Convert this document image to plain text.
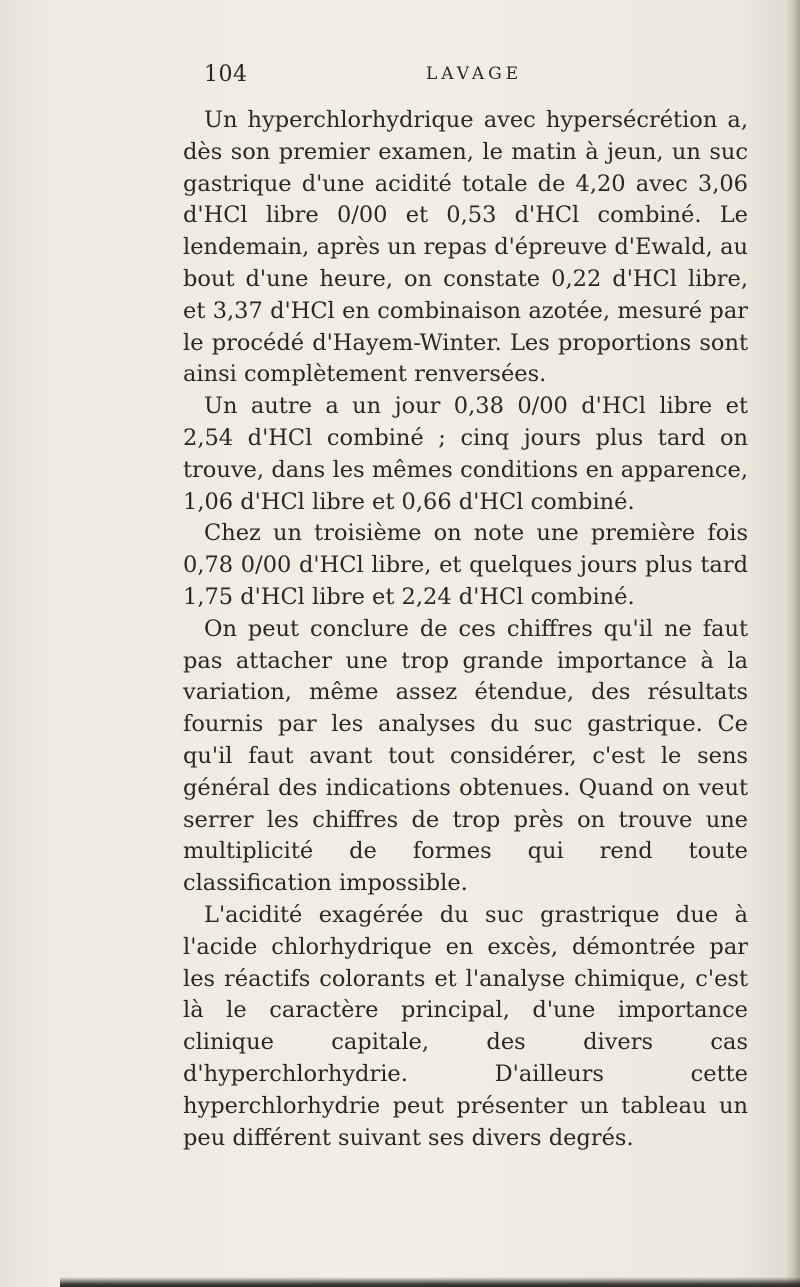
104	LAVAGE

Un hyperchlorhydrique avec hypersécrétion a, dès son premier examen, le matin à jeun, un suc gastrique d'une acidité totale de 4,20 avec 3,06 d'HCl libre 0/00 et 0,53 d'HCl combiné. Le lendemain, après un repas d'épreuve d'Ewald, au bout d'une heure, on constate 0,22 d'HCl libre, et 3,37 d'HCl en combinaison azotée, mesuré par le procédé d'Hayem-Winter. Les proportions sont ainsi complètement renversées.

Un autre a un jour 0,38 0/00 d'HCl libre et 2,54 d'HCl combiné ; cinq jours plus tard on trouve, dans les mêmes conditions en apparence, 1,06 d'HCl libre et 0,66 d'HCl combiné.

Chez un troisième on note une première fois 0,78 0/00 d'HCl libre, et quelques jours plus tard 1,75 d'HCl libre et 2,24 d'HCl combiné.

On peut conclure de ces chiffres qu'il ne faut pas attacher une trop grande importance à la variation, même assez étendue, des résultats fournis par les analyses du suc gastrique. Ce qu'il faut avant tout considérer, c'est le sens général des indications obtenues. Quand on veut serrer les chiffres de trop près on trouve une multiplicité de formes qui rend toute classification impossible.

L'acidité exagérée du suc grastrique due à l'acide chlorhydrique en excès, démontrée par les réactifs colorants et l'analyse chimique, c'est là le caractère principal, d'une importance clinique capitale, des divers cas d'hyperchlorhydrie. D'ailleurs cette hyperchlorhydrie peut présenter un tableau un peu différent suivant ses divers degrés.
